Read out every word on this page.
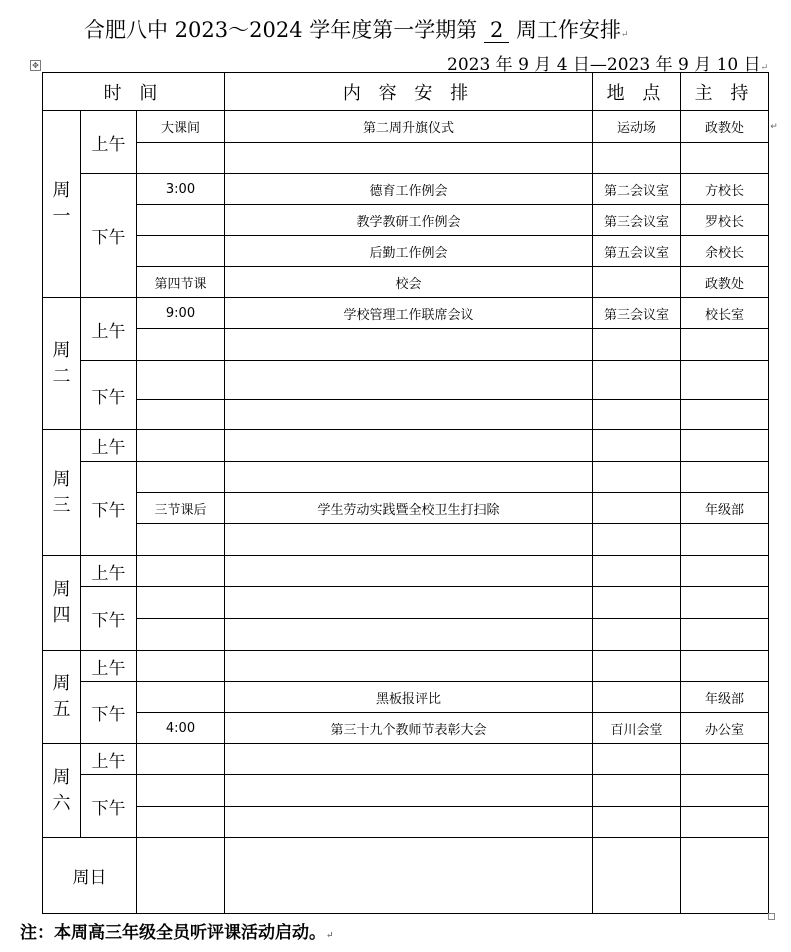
合肥八中 2023～2024 学年度第一学期第 2 周工作安排↵
2023 年 9 月 4 日—2023 年 9 月 10 日↵
✥
时 间			内 容 安 排	地 点	主 持
周
一	上午	大课间	第二周升旗仪式	运动场	政教处

	下午	3:00	德育工作例会	第二会议室	方校长
			教学教研工作例会	第三会议室	罗校长
			后勤工作例会	第五会议室	余校长
		第四节课	校会		政教处
周
二	上午	9:00	学校管理工作联席会议	第三会议室	校长室

	下午				

周
三	上午				
	下午				
		三节课后	学生劳动实践暨全校卫生打扫除		年级部

周
四	上午				
	下午				

周
五	上午				
	下午		黑板报评比		年级部
		4:00	第三十九个教师节表彰大会	百川会堂	办公室
周
六	上午				
	下午				

周日					
↵
注：本周高三年级全员听评课活动启动。↵
